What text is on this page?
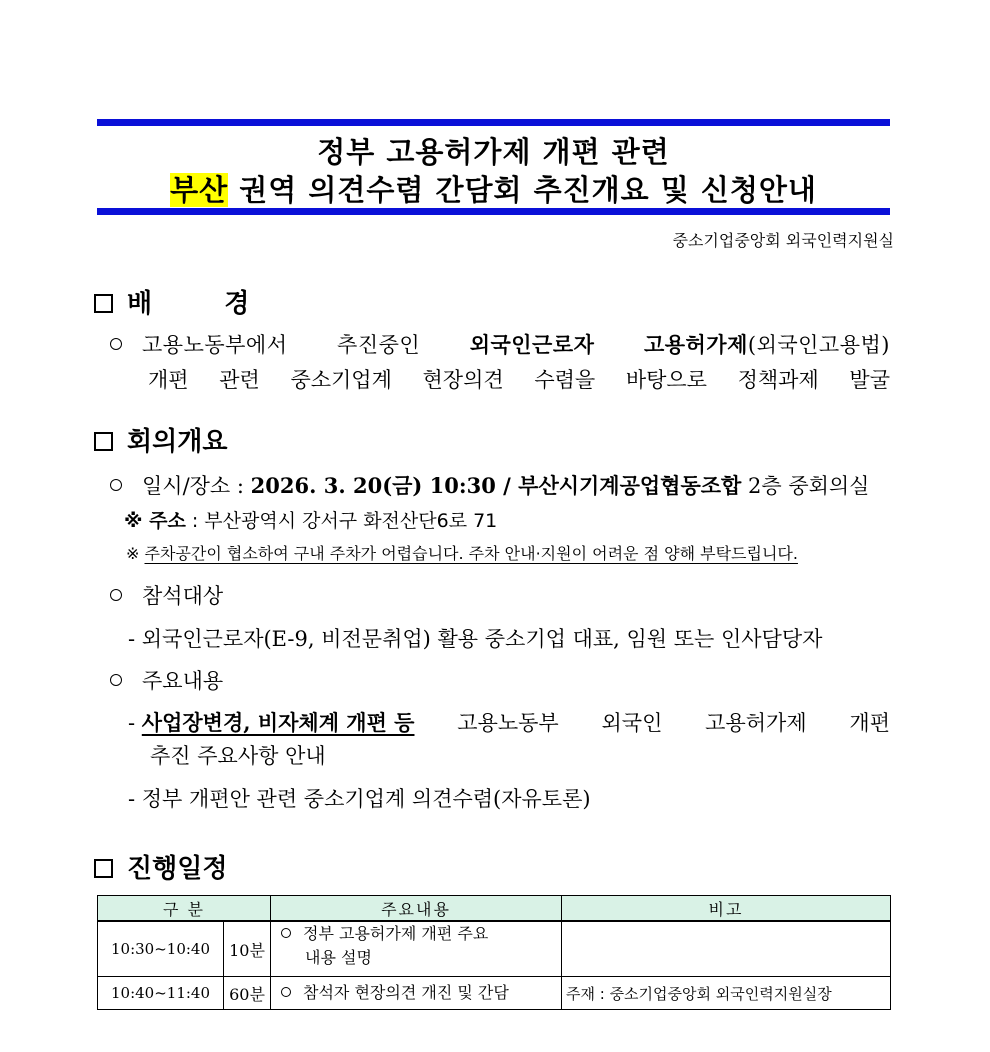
정부 고용허가제 개편 관련
부산 권역 의견수렴 간담회 추진개요 및 신청안내
중소기업중앙회 외국인력지원실
배  경
고용노동부에서 추진중인 외국인근로자 고용허가제(외국인고용법)
개편 관련 중소기업계 현장의견 수렴을 바탕으로 정책과제 발굴
회의개요
일시/장소 : 2026. 3. 20(금) 10:30 / 부산시기계공업협동조합 2층 중회의실
※ 주소 : 부산광역시 강서구 화전산단6로 71
※ 주차공간이 협소하여 구내 주차가 어렵습니다. 주차 안내·지원이 어려운 점 양해 부탁드립니다.
참석대상
- 외국인근로자(E-9, 비전문취업) 활용 중소기업 대표, 임원 또는 인사담당자
주요내용
- 사업장변경, 비자체계 개편 등 고용노동부 외국인 고용허가제 개편
추진 주요사항 안내
- 정부 개편안 관련 중소기업계 의견수렴(자유토론)
진행일정
구 분		주요내용	비고
10:30~10:40	10분	정부 고용허가제 개편 주요
내용 설명	

10:40~11:40	60분	참석자 현장의견 개진 및 간담	주재 : 중소기업중앙회 외국인력지원실장
